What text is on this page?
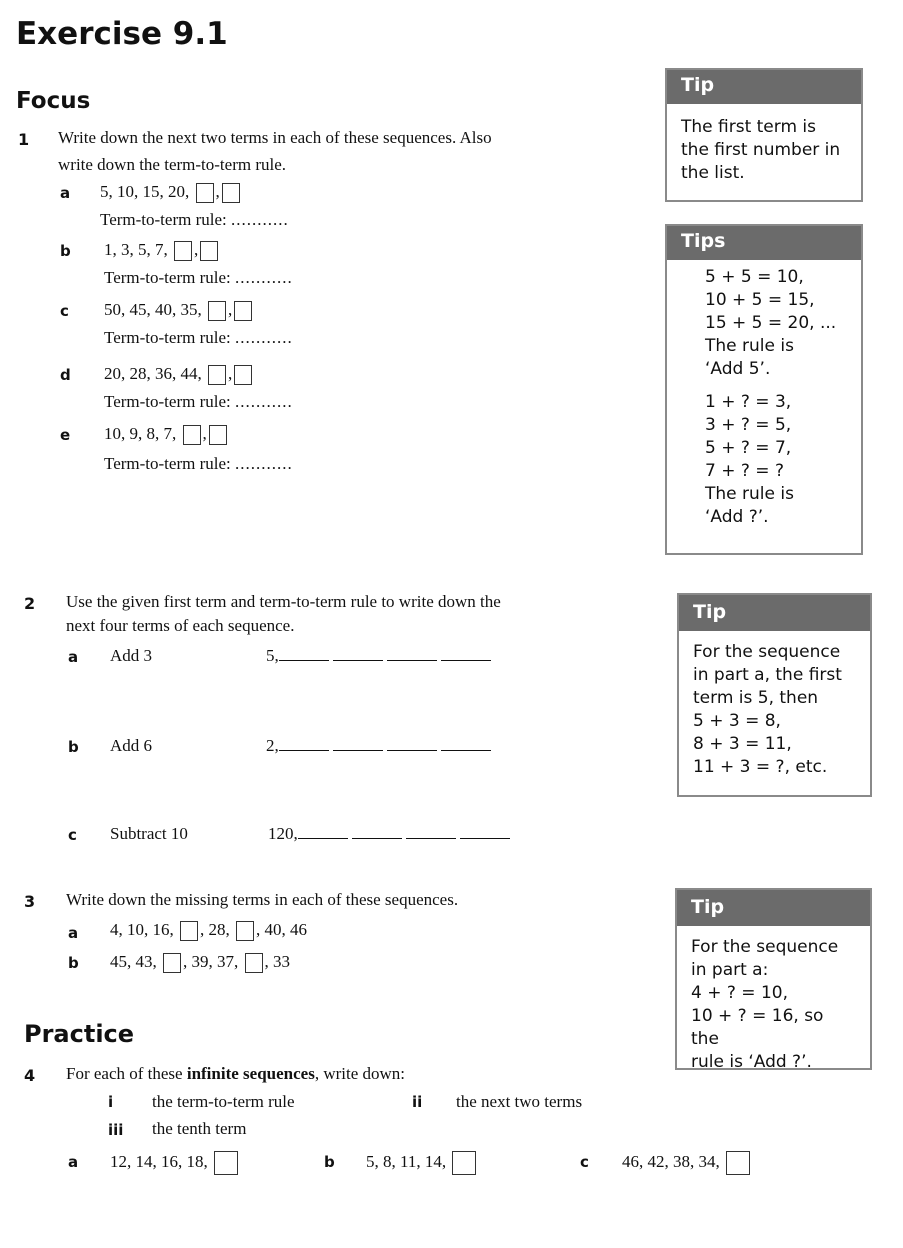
Exercise 9.1
Focus
1 Write down the next two terms in each of these sequences. Also
write down the term-to-term rule.
a 5, 10, 15, 20, ,
Term-to-term rule: ...........
b 1, 3, 5, 7, ,
Term-to-term rule: ...........
c 50, 45, 40, 35, ,
Term-to-term rule: ...........
d 20, 28, 36, 44, ,
Term-to-term rule: ...........
e 10, 9, 8, 7, ,
Term-to-term rule: ...........
Tip
The first term is
the first number in
the list.
Tips
5 + 5 = 10,
10 + 5 = 15,
15 + 5 = 20, ...
The rule is
‘Add 5’.
1 + ? = 3,
3 + ? = 5,
5 + ? = 7,
7 + ? = ?
The rule is
‘Add ?’.
2 Use the given first term and term-to-term rule to write down the
next four terms of each sequence.
a Add 3	5,
b Add 6	2,
c Subtract 10	120,
Tip
For the sequence
in part a, the first
term is 5, then
5 + 3 = 8,
8 + 3 = 11,
11 + 3 = ?, etc.
3 Write down the missing terms in each of these sequences.
a 4, 10, 16, , 28, , 40, 46
b 45, 43, , 39, 37, , 33
Tip
For the sequence
in part a:
4 + ? = 10,
10 + ? = 16, so the
rule is ‘Add ?’.
Practice
4 For each of these infinite sequences, write down:
i the term-to-term rule	ii the next two terms
iii the tenth term
a 12, 14, 16, 18,	b 5, 8, 11, 14,	c 46, 42, 38, 34,
